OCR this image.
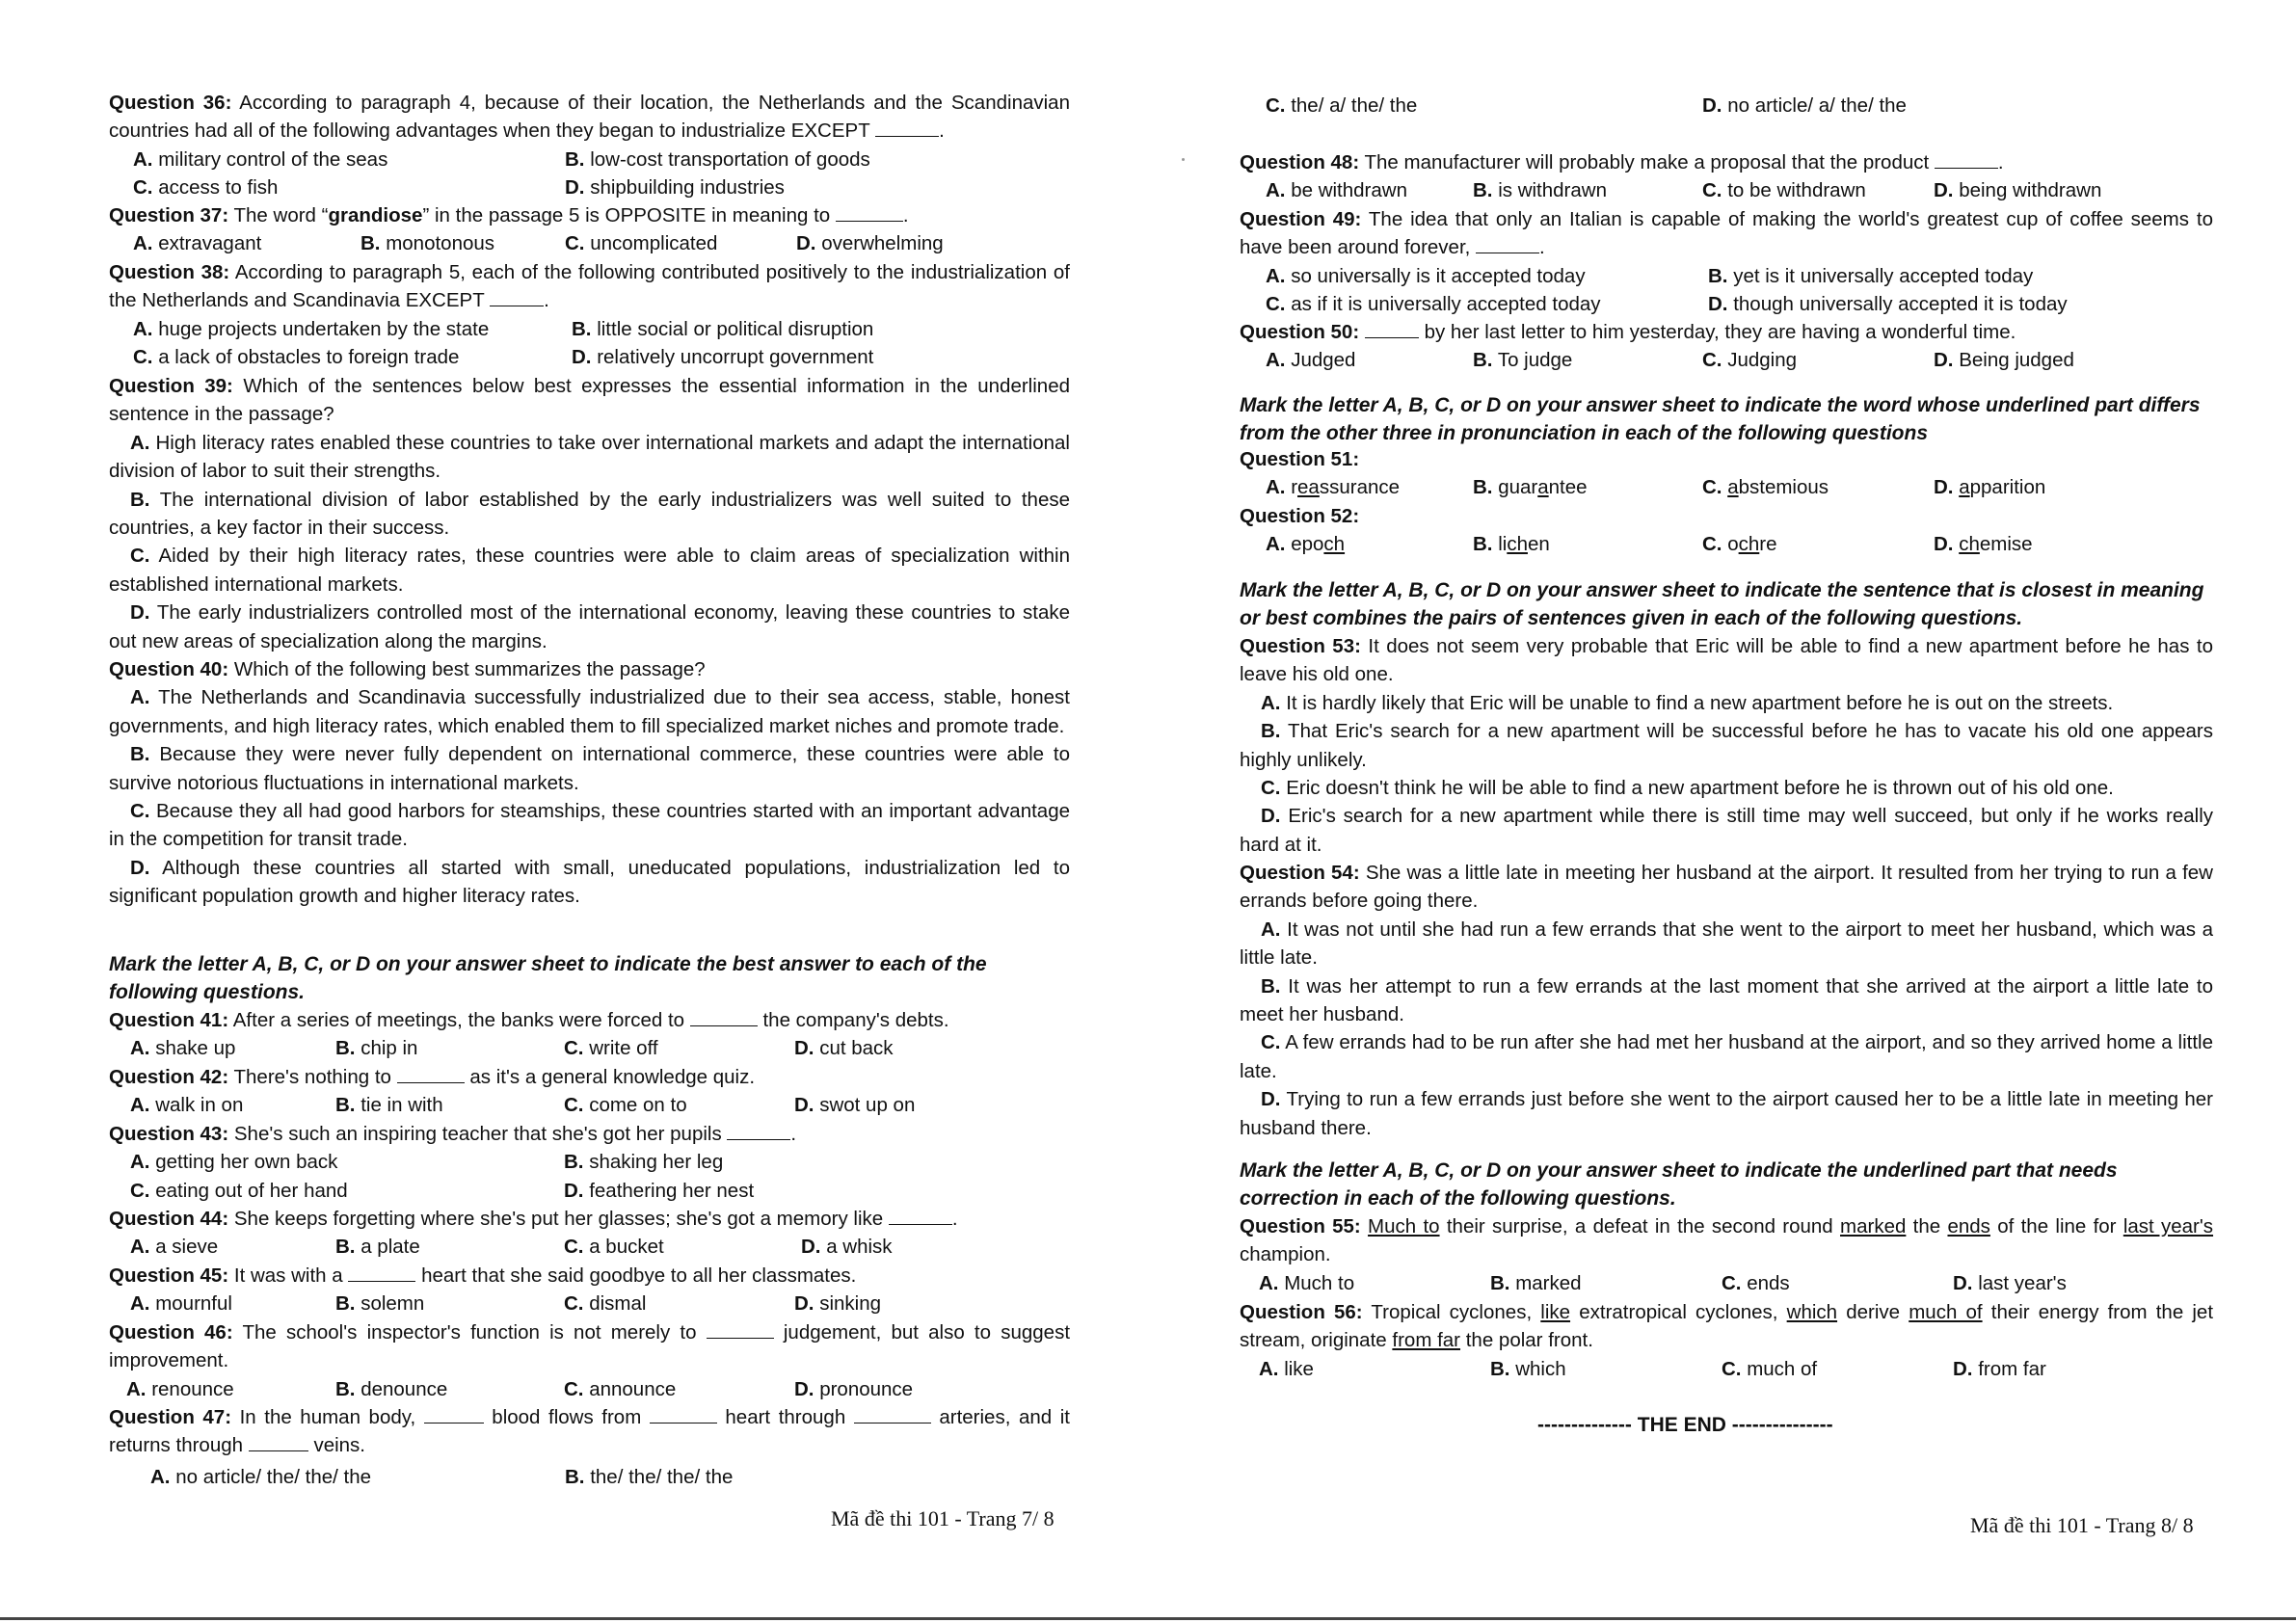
Question 36: According to paragraph 4, because of their location, the Netherlands and the Scandinavian countries had all of the following advantages when they began to industrialize EXCEPT	.
A. military control of the seas	B. low-cost transportation of goods
C. access to fish	D. shipbuilding industries
Question 37: The word “grandiose” in the passage 5 is OPPOSITE in meaning to	.
A. extravagant	B. monotonous	C. uncomplicated	D. overwhelming
Question 38: According to paragraph 5, each of the following contributed positively to the industrialization of the Netherlands and Scandinavia EXCEPT	.
A. huge projects undertaken by the state	B. little social or political disruption
C. a lack of obstacles to foreign trade	D. relatively uncorrupt government
Question 39: Which of the sentences below best expresses the essential information in the underlined sentence in the passage?
A. High literacy rates enabled these countries to take over international markets and adapt the international division of labor to suit their strengths.
B. The international division of labor established by the early industrializers was well suited to these countries, a key factor in their success.
C. Aided by their high literacy rates, these countries were able to claim areas of specialization within established international markets.
D. The early industrializers controlled most of the international economy, leaving these countries to stake out new areas of specialization along the margins.
Question 40: Which of the following best summarizes the passage?
A. The Netherlands and Scandinavia successfully industrialized due to their sea access, stable, honest governments, and high literacy rates, which enabled them to fill specialized market niches and promote trade.
B. Because they were never fully dependent on international commerce, these countries were able to survive notorious fluctuations in international markets.
C. Because they all had good harbors for steamships, these countries started with an important advantage in the competition for transit trade.
D. Although these countries all started with small, uneducated populations, industrialization led to significant population growth and higher literacy rates.
Mark the letter A, B, C, or D on your answer sheet to indicate the best answer to each of the following questions.
Question 41: After a series of meetings, the banks were forced to	the company's debts.
A. shake up	B. chip in	C. write off	D. cut back
Question 42: There's nothing to	as it's a general knowledge quiz.
A. walk in on	B. tie in with	C. come on to	D. swot up on
Question 43: She's such an inspiring teacher that she's got her pupils	.
A. getting her own back	B. shaking her leg
C. eating out of her hand	D. feathering her nest
Question 44: She keeps forgetting where she's put her glasses; she's got a memory like	.
A. a sieve	B. a plate	C. a bucket	D. a whisk
Question 45: It was with a	heart that she said goodbye to all her classmates.
A. mournful	B. solemn	C. dismal	D. sinking
Question 46: The school's inspector's function is not merely to	judgement, but also to suggest improvement.
A. renounce	B. denounce	C. announce	D. pronounce
Question 47: In the human body,	blood flows from	heart through	arteries, and it returns through	veins.
A. no article/ the/ the/ the	B. the/ the/ the/ the
Mã đề thi 101 - Trang 7/ 8
C. the/ a/ the/ the	D. no article/ a/ the/ the
Question 48: The manufacturer will probably make a proposal that the product	.
A. be withdrawn	B. is withdrawn	C. to be withdrawn	D. being withdrawn
Question 49: The idea that only an Italian is capable of making the world's greatest cup of coffee seems to have been around forever,	.
A. so universally is it accepted today	B. yet is it universally accepted today
C. as if it is universally accepted today	D. though universally accepted it is today
Question 50:	by her last letter to him yesterday, they are having a wonderful time.
A. Judged	B. To judge	C. Judging	D. Being judged
Mark the letter A, B, C, or D on your answer sheet to indicate the word whose underlined part differs from the other three in pronunciation in each of the following questions
Question 51:
A. reassurance	B. guarantee	C. abstemious	D. apparition
Question 52:
A. epoch	B. lichen	C. ochre	D. chemise
Mark the letter A, B, C, or D on your answer sheet to indicate the sentence that is closest in meaning or best combines the pairs of sentences given in each of the following questions.
Question 53: It does not seem very probable that Eric will be able to find a new apartment before he has to leave his old one.
A. It is hardly likely that Eric will be unable to find a new apartment before he is out on the streets.
B. That Eric's search for a new apartment will be successful before he has to vacate his old one appears highly unlikely.
C. Eric doesn't think he will be able to find a new apartment before he is thrown out of his old one.
D. Eric's search for a new apartment while there is still time may well succeed, but only if he works really hard at it.
Question 54: She was a little late in meeting her husband at the airport. It resulted from her trying to run a few errands before going there.
A. It was not until she had run a few errands that she went to the airport to meet her husband, which was a little late.
B. It was her attempt to run a few errands at the last moment that she arrived at the airport a little late to meet her husband.
C. A few errands had to be run after she had met her husband at the airport, and so they arrived home a little late.
D. Trying to run a few errands just before she went to the airport caused her to be a little late in meeting her husband there.
Mark the letter A, B, C, or D on your answer sheet to indicate the underlined part that needs correction in each of the following questions.
Question 55: Much to their surprise, a defeat in the second round marked the ends of the line for last year's champion.
A. Much to	B. marked	C. ends	D. last year's
Question 56: Tropical cyclones, like extratropical cyclones, which derive much of their energy from the jet stream, originate from far the polar front.
A. like	B. which	C. much of	D. from far
-------------- THE END ---------------
Mã đề thi 101 - Trang 8/ 8
